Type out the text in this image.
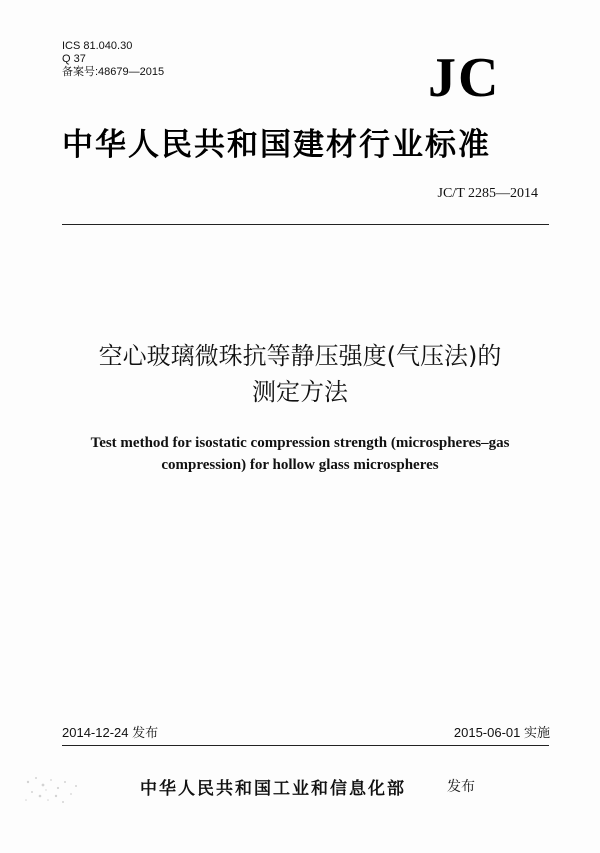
ICS 81.040.30
Q 37
备案号:48679—2015	JC
中华人民共和国建材行业标准
JC/T 2285—2014
空心玻璃微珠抗等静压强度(气压法)的
测定方法
Test method for isostatic compression strength (microspheres–gas
compression) for hollow glass microspheres
2014-12-24 发布	2015-06-01 实施
中华人民共和国工业和信息化部	发布
